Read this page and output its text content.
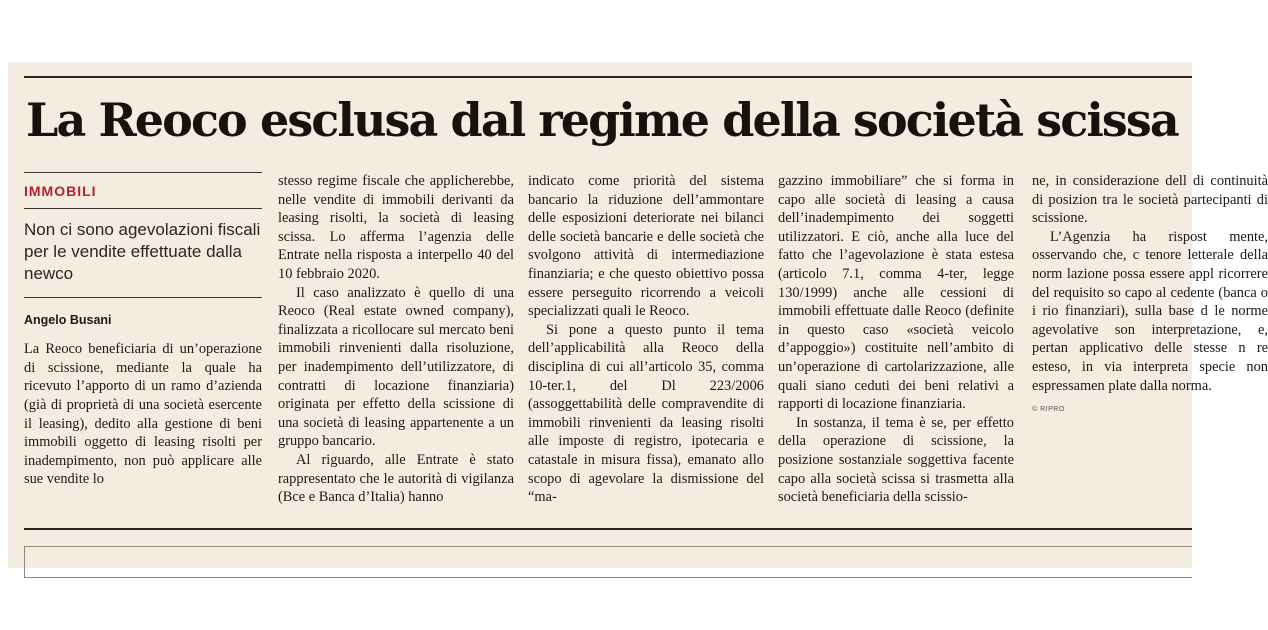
La Reoco esclusa dal regime della società scissa
IMMOBILI
Non ci sono agevolazioni fiscali per le vendite effettuate dalla newco
Angelo Busani

La Reoco beneficiaria di un’operazione di scissione, mediante la quale ha ricevuto l’apporto di un ramo d’azienda (già di proprietà di una società esercente il leasing), dedito alla gestione di beni immobili oggetto di leasing risolti per inadempimento, non può applicare alle sue vendite lo

stesso regime fiscale che applicherebbe, nelle vendite di immobili derivanti da leasing risolti, la società di leasing scissa. Lo afferma l’agenzia delle Entrate nella risposta a interpello 40 del 10 febbraio 2020.

Il caso analizzato è quello di una Reoco (Real estate owned company), finalizzata a ricollocare sul mercato beni immobili rinvenienti dalla risoluzione, per inadempimento dell’utilizzatore, di contratti di locazione finanziaria) originata per effetto della scissione di una società di leasing appartenente a un gruppo bancario.

Al riguardo, alle Entrate è stato rappresentato che le autorità di vigilanza (Bce e Banca d’Italia) hanno

indicato come priorità del sistema bancario la riduzione dell’ammontare delle esposizioni deteriorate nei bilanci delle società bancarie e delle società che svolgono attività di intermediazione finanziaria; e che questo obiettivo possa essere perseguito ricorrendo a veicoli specializzati quali le Reoco.

Si pone a questo punto il tema dell’applicabilità alla Reoco della disciplina di cui all’articolo 35, comma 10-ter.1, del Dl 223/2006 (assoggettabilità delle compravendite di immobili rinvenienti da leasing risolti alle imposte di registro, ipotecaria e catastale in misura fissa), emanato allo scopo di agevolare la dismissione del “ma-

gazzino immobiliare” che si forma in capo alle società di leasing a causa dell’inadempimento dei soggetti utilizzatori. E ciò, anche alla luce del fatto che l’agevolazione è stata estesa (articolo 7.1, comma 4-ter, legge 130/1999) anche alle cessioni di immobili effettuate dalle Reoco (definite in questo caso «società veicolo d’appoggio») costituite nell’ambito di un’operazione di cartolarizzazione, alle quali siano ceduti dei beni relativi a rapporti di locazione finanziaria.

In sostanza, il tema è se, per effetto della operazione di scissione, la posizione sostanziale soggettiva facente capo alla società scissa si trasmetta alla società beneficiaria della scissio-

ne, in considerazione dell di continuità di posizion tra le società partecipanti di scissione.

L’Agenzia ha rispost mente, osservando che, c tenore letterale della norm lazione possa essere appl ricorrere del requisito so capo al cedente (banca o i rio finanziari), sulla base d le norme agevolative son interpretazione, e, pertan applicativo delle stesse n re esteso, in via interpreta specie non espressamen plate dalla norma.

© RIPRO
